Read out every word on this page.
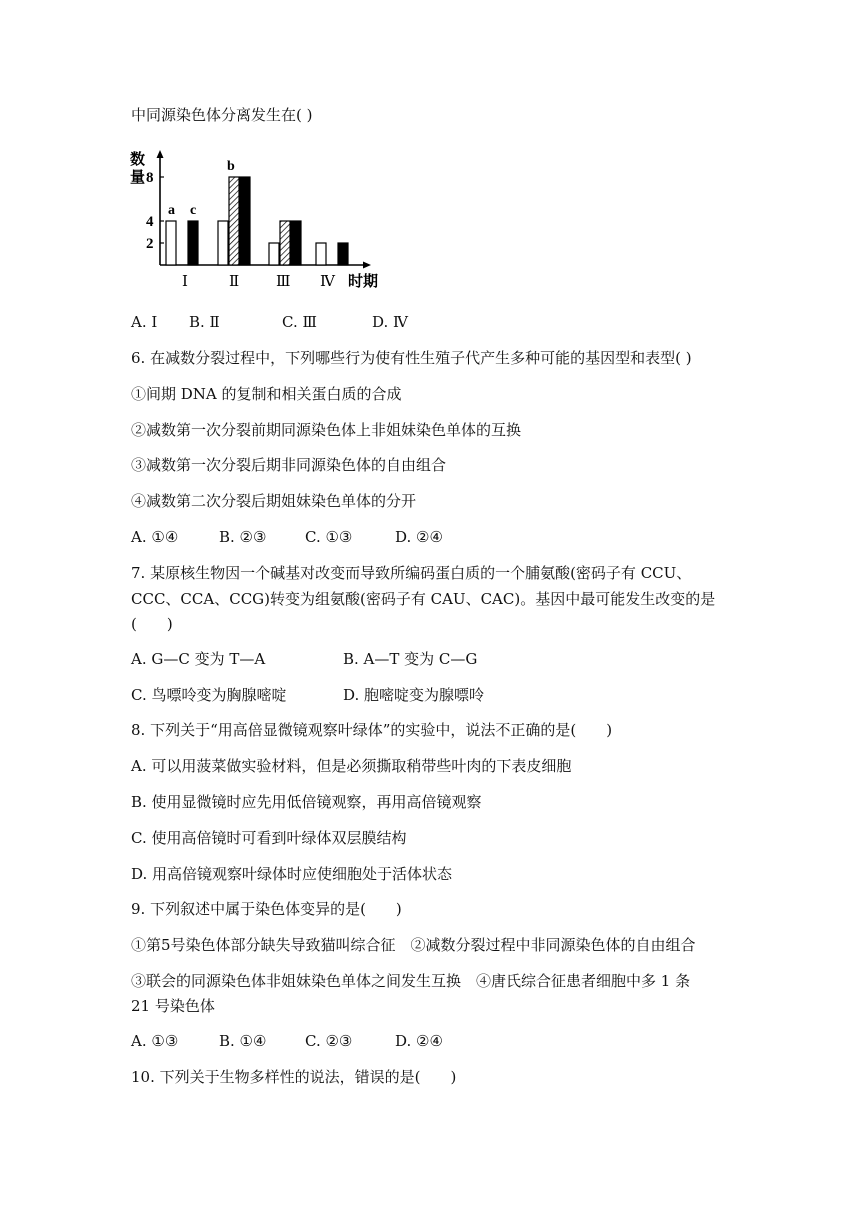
中同源染色体分离发生在( )
数
量 8
4
2
a
b
c
Ⅰ	Ⅱ Ⅲ Ⅳ 时期
A. Ⅰ B. Ⅱ	C. Ⅲ	D. Ⅳ
6. 在减数分裂过程中，下列哪些行为使有性生殖子代产生多种可能的基因型和表型( )
①间期 DNA 的复制和相关蛋白质的合成
②减数第一次分裂前期同源染色体上非姐妹染色单体的互换
③减数第一次分裂后期非同源染色体的自由组合
④减数第二次分裂后期姐妹染色单体的分开
A. ①④	B. ②③	C. ①③	D. ②④
7. 某原核生物因一个碱基对改变而导致所编码蛋白质的一个脯氨酸(密码子有 CCU、
CCC、CCA、CCG)转变为组氨酸(密码子有 CAU、CAC)。基因中最可能发生改变的是
(　　)
A. G—C 变为 T—A	B. A—T 变为 C—G
C. 鸟嘌呤变为胸腺嘧啶	D. 胞嘧啶变为腺嘌呤
8. 下列关于“用高倍显微镜观察叶绿体”的实验中，说法不正确的是(　　)
A. 可以用菠菜做实验材料，但是必须撕取稍带些叶肉的下表皮细胞
B. 使用显微镜时应先用低倍镜观察，再用高倍镜观察
C. 使用高倍镜时可看到叶绿体双层膜结构
D. 用高倍镜观察叶绿体时应使细胞处于活体状态
9. 下列叙述中属于染色体变异的是(　　)
①第5号染色体部分缺失导致猫叫综合征　②减数分裂过程中非同源染色体的自由组合
③联会的同源染色体非姐妹染色单体之间发生互换　④唐氏综合征患者细胞中多 1 条
21 号染色体
A. ①③	B. ①④	C. ②③	D. ②④
10. 下列关于生物多样性的说法，错误的是(　　)
